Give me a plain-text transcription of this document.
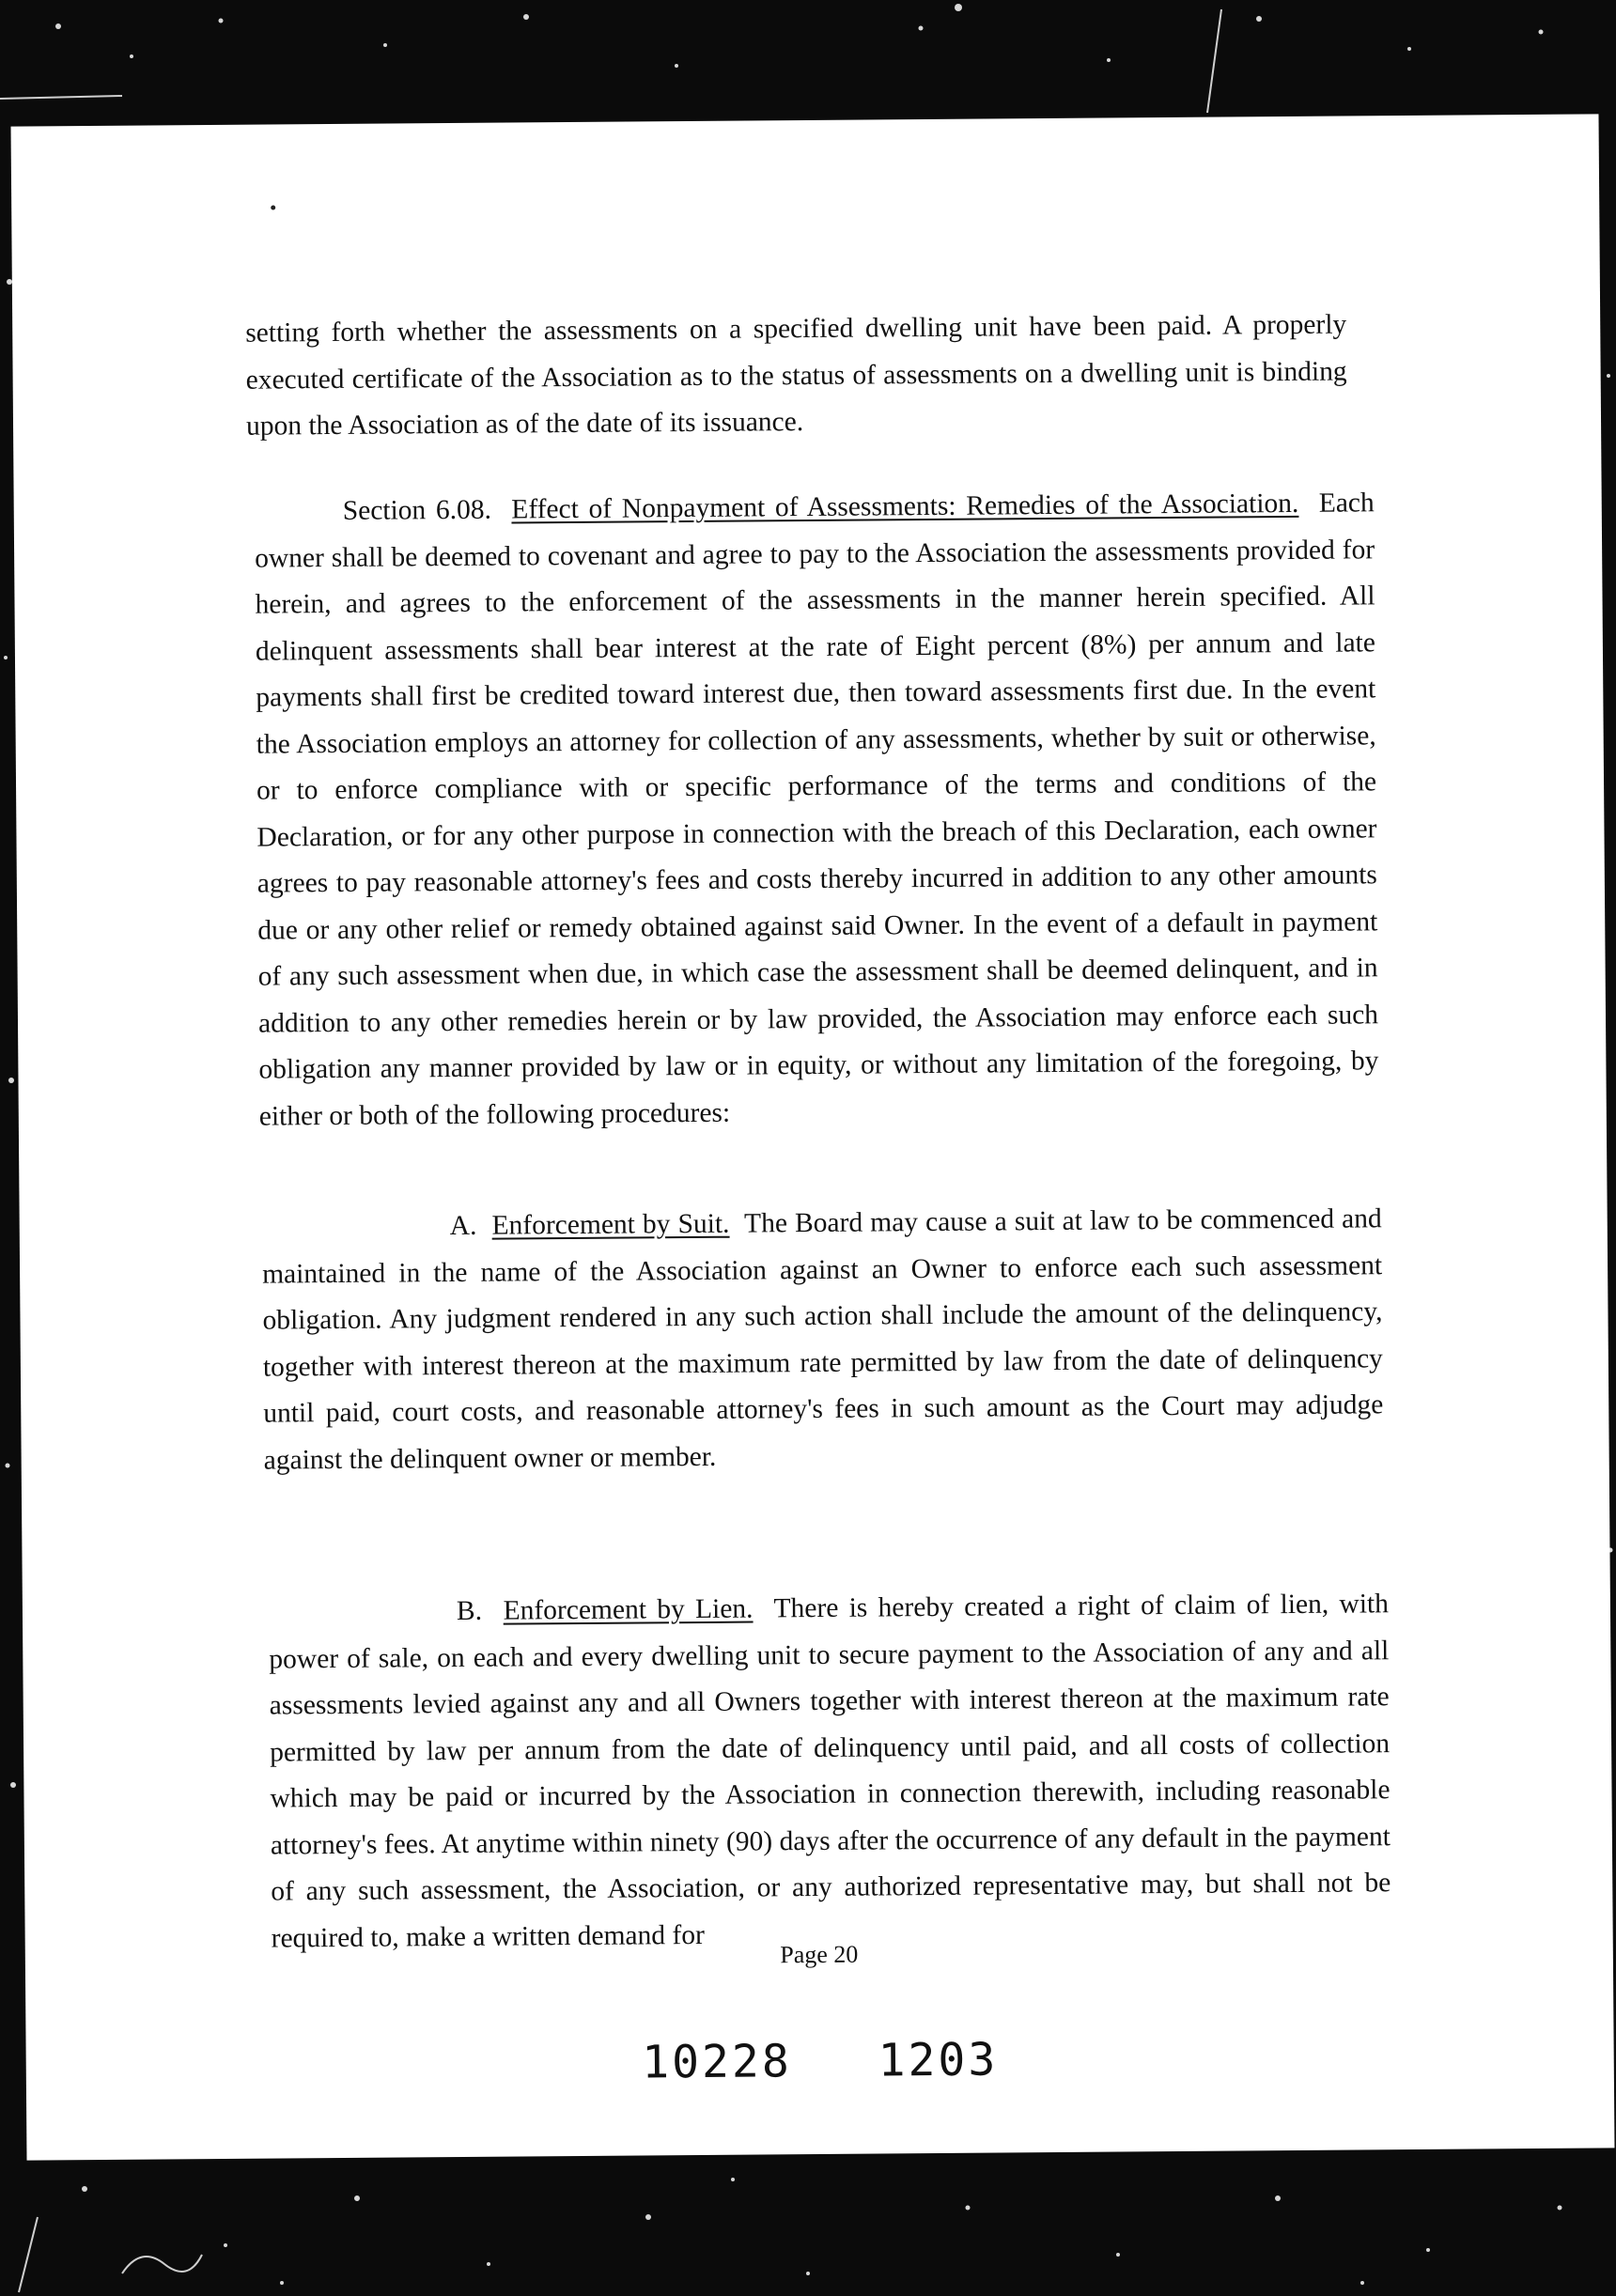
setting forth whether the assessments on a specified dwelling unit have been paid. A properly executed certificate of the Association as to the status of assessments on a dwelling unit is binding upon the Association as of the date of its issuance.

Section 6.08. Effect of Nonpayment of Assessments: Remedies of the Association. Each owner shall be deemed to covenant and agree to pay to the Association the assessments provided for herein, and agrees to the enforcement of the assessments in the manner herein specified. All delinquent assessments shall bear interest at the rate of Eight percent (8%) per annum and late payments shall first be credited toward interest due, then toward assessments first due. In the event the Association employs an attorney for collection of any assessments, whether by suit or otherwise, or to enforce compliance with or specific performance of the terms and conditions of the Declaration, or for any other purpose in connection with the breach of this Declaration, each owner agrees to pay reasonable attorney's fees and costs thereby incurred in addition to any other amounts due or any other relief or remedy obtained against said Owner. In the event of a default in payment of any such assessment when due, in which case the assessment shall be deemed delinquent, and in addition to any other remedies herein or by law provided, the Association may enforce each such obligation any manner provided by law or in equity, or without any limitation of the foregoing, by either or both of the following procedures:

A. Enforcement by Suit. The Board may cause a suit at law to be commenced and maintained in the name of the Association against an Owner to enforce each such assessment obligation. Any judgment rendered in any such action shall include the amount of the delinquency, together with interest thereon at the maximum rate permitted by law from the date of delinquency until paid, court costs, and reasonable attorney's fees in such amount as the Court may adjudge against the delinquent owner or member.

B. Enforcement by Lien. There is hereby created a right of claim of lien, with power of sale, on each and every dwelling unit to secure payment to the Association of any and all assessments levied against any and all Owners together with interest thereon at the maximum rate permitted by law per annum from the date of delinquency until paid, and all costs of collection which may be paid or incurred by the Association in connection therewith, including reasonable attorney's fees. At anytime within ninety (90) days after the occurrence of any default in the payment of any such assessment, the Association, or any authorized representative may, but shall not be required to, make a written demand for

Page 20
10228 1203
